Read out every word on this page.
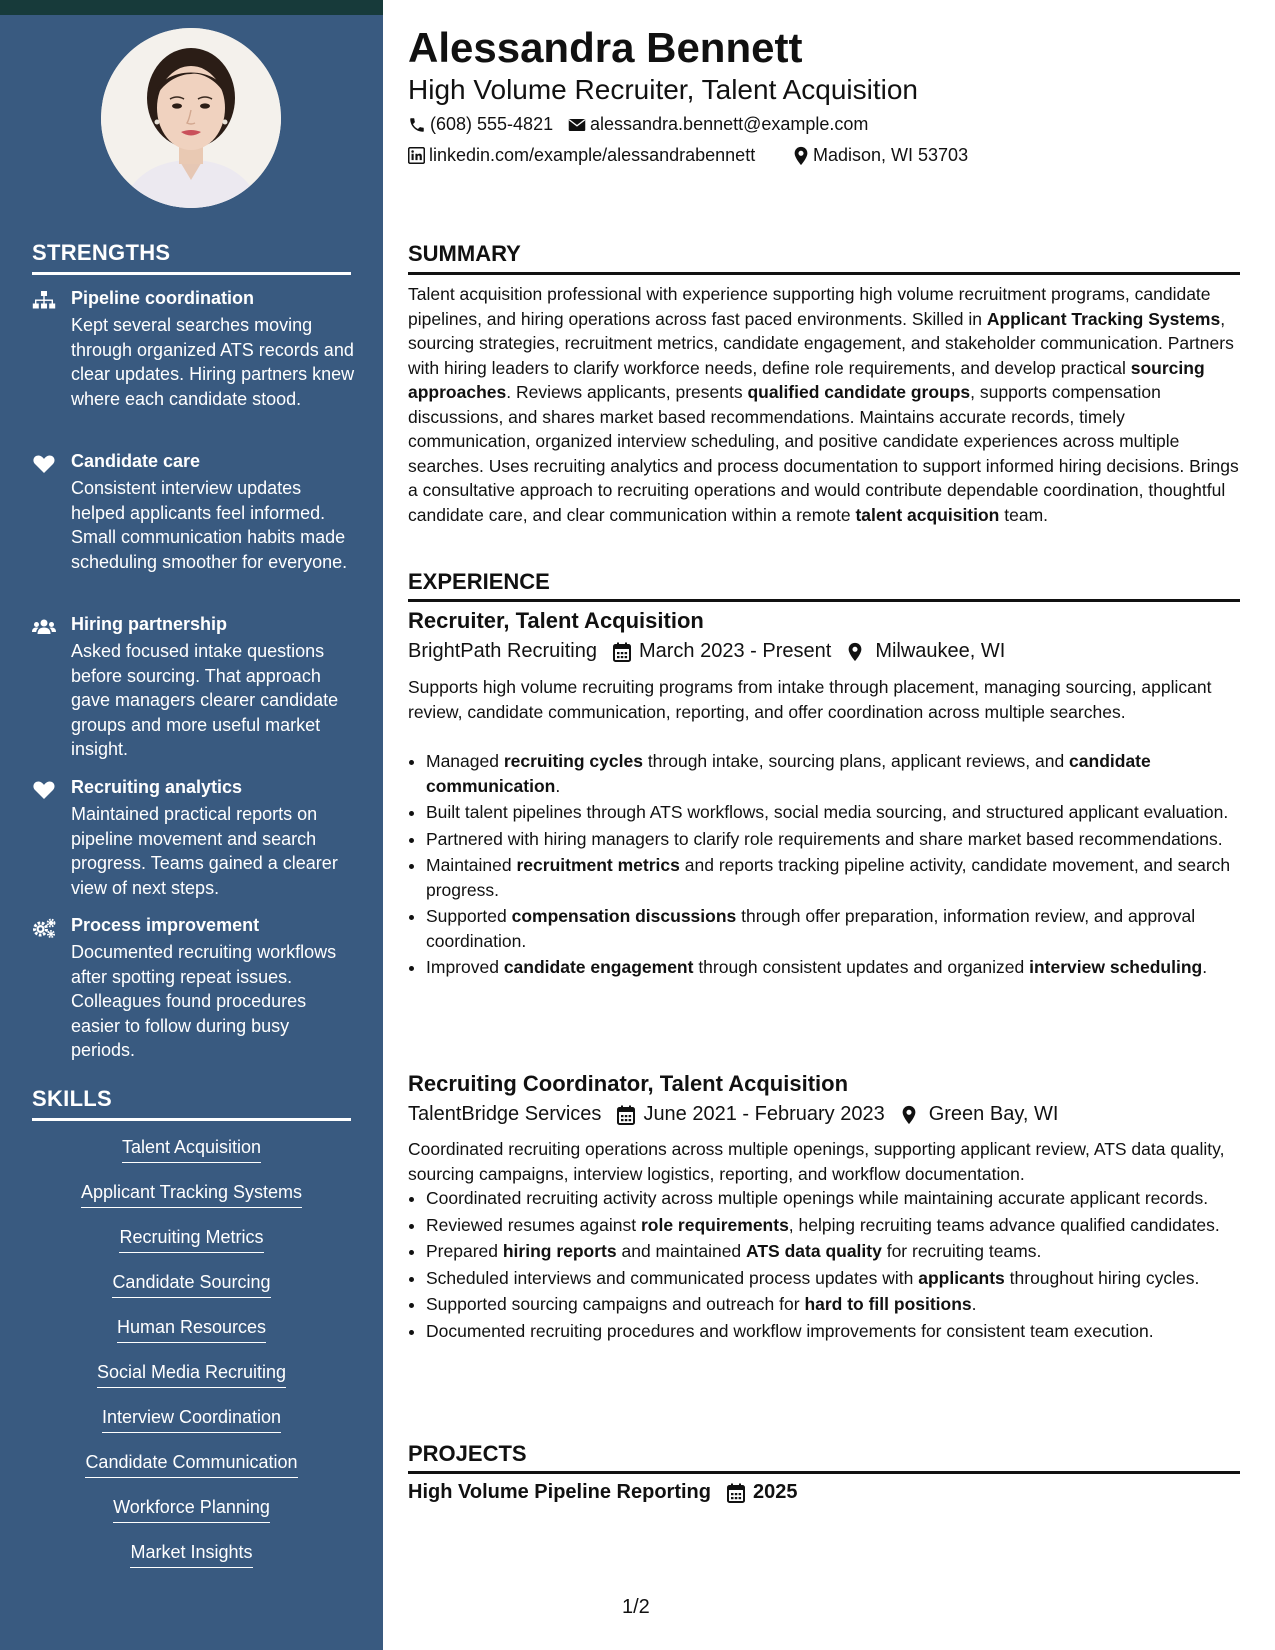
STRENGTHS
Pipeline coordination
Kept several searches moving through organized ATS records and clear updates. Hiring partners knew where each candidate stood.
Candidate care
Consistent interview updates helped applicants feel informed. Small communication habits made scheduling smoother for everyone.
Hiring partnership
Asked focused intake questions before sourcing. That approach gave managers clearer candidate groups and more useful market insight.
Recruiting analytics
Maintained practical reports on pipeline movement and search progress. Teams gained a clearer view of next steps.
Process improvement
Documented recruiting workflows after spotting repeat issues. Colleagues found procedures easier to follow during busy periods.
SKILLS
Talent Acquisition
Applicant Tracking Systems
Recruiting Metrics
Candidate Sourcing
Human Resources
Social Media Recruiting
Interview Coordination
Candidate Communication
Workforce Planning
Market Insights
Alessandra Bennett
High Volume Recruiter, Talent Acquisition
(608) 555-4821 alessandra.bennett@example.com
linkedin.com/example/alessandrabennett	Madison, WI 53703
SUMMARY
Talent acquisition professional with experience supporting high volume recruitment programs, candidate pipelines, and hiring operations across fast paced environments. Skilled in Applicant Tracking Systems, sourcing strategies, recruitment metrics, candidate engagement, and stakeholder communication. Partners with hiring leaders to clarify workforce needs, define role requirements, and develop practical sourcing approaches. Reviews applicants, presents qualified candidate groups, supports compensation discussions, and shares market based recommendations. Maintains accurate records, timely communication, organized interview scheduling, and positive candidate experiences across multiple searches. Uses recruiting analytics and process documentation to support informed hiring decisions. Brings a consultative approach to recruiting operations and would contribute dependable coordination, thoughtful candidate care, and clear communication within a remote talent acquisition team.
EXPERIENCE
Recruiter, Talent Acquisition
BrightPath Recruiting March 2023 - Present Milwaukee, WI
Supports high volume recruiting programs from intake through placement, managing sourcing, applicant review, candidate communication, reporting, and offer coordination across multiple searches.
• Managed recruiting cycles through intake, sourcing plans, applicant reviews, and candidate communication.
• Built talent pipelines through ATS workflows, social media sourcing, and structured applicant evaluation.
• Partnered with hiring managers to clarify role requirements and share market based recommendations.
• Maintained recruitment metrics and reports tracking pipeline activity, candidate movement, and search progress.
• Supported compensation discussions through offer preparation, information review, and approval coordination.
• Improved candidate engagement through consistent updates and organized interview scheduling.
Recruiting Coordinator, Talent Acquisition
TalentBridge Services June 2021 - February 2023 Green Bay, WI
Coordinated recruiting operations across multiple openings, supporting applicant review, ATS data quality, sourcing campaigns, interview logistics, reporting, and workflow documentation.
• Coordinated recruiting activity across multiple openings while maintaining accurate applicant records.
• Reviewed resumes against role requirements, helping recruiting teams advance qualified candidates.
• Prepared hiring reports and maintained ATS data quality for recruiting teams.
• Scheduled interviews and communicated process updates with applicants throughout hiring cycles.
• Supported sourcing campaigns and outreach for hard to fill positions.
• Documented recruiting procedures and workflow improvements for consistent team execution.
PROJECTS
High Volume Pipeline Reporting 2025
1/2
